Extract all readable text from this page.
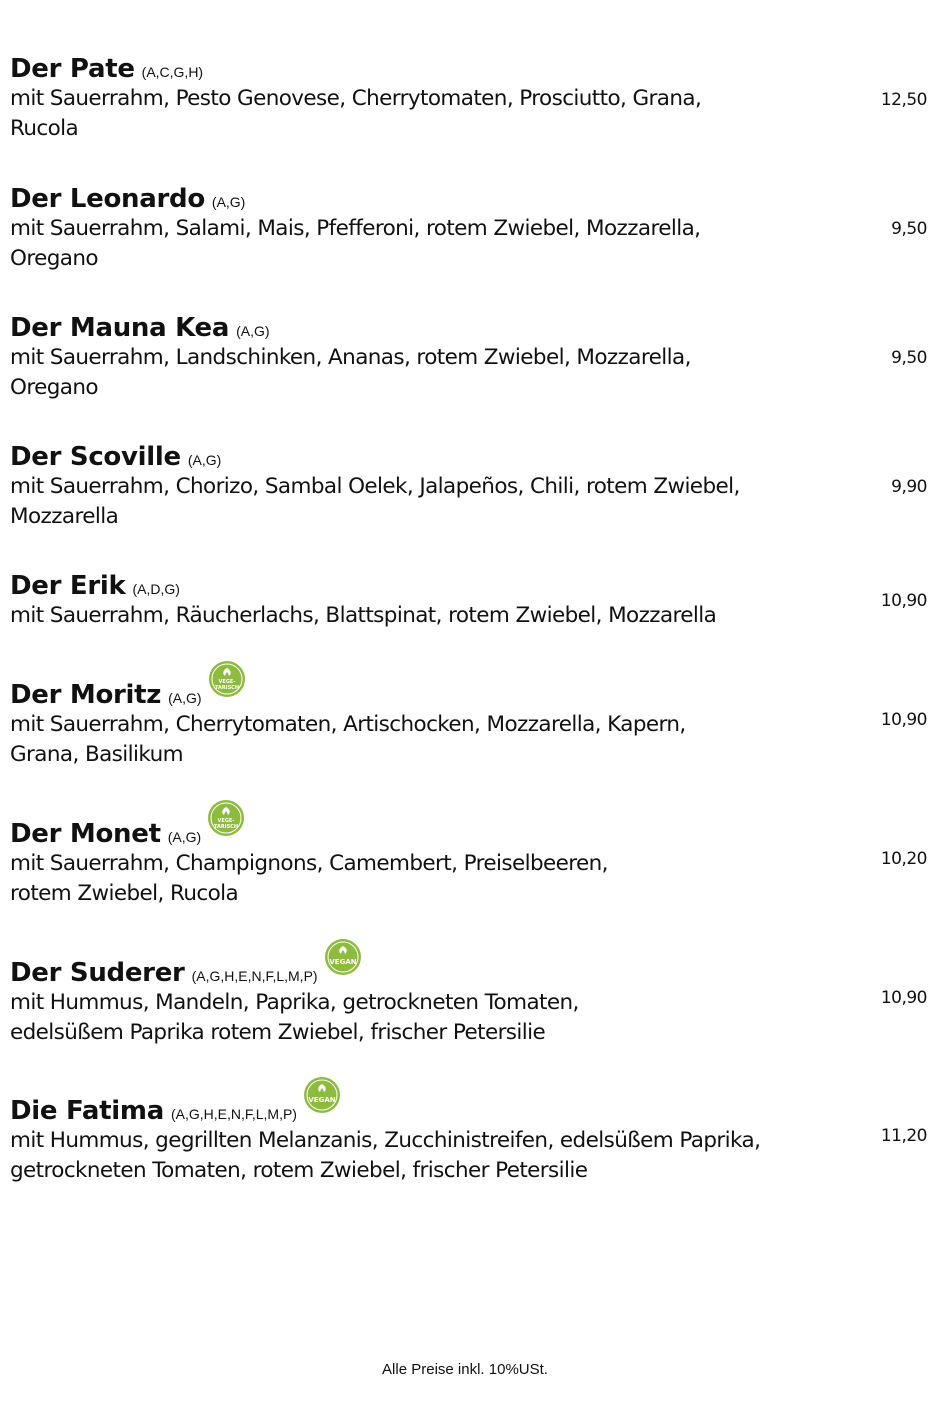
Der Pate (A,C,G,H)
mit Sauerrahm, Pesto Genovese, Cherrytomaten, Prosciutto, Grana,
Rucola
12,50
Der Leonardo (A,G)
mit Sauerrahm, Salami, Mais, Pfefferoni, rotem Zwiebel, Mozzarella,
Oregano
9,50
Der Mauna Kea (A,G)
mit Sauerrahm, Landschinken, Ananas, rotem Zwiebel, Mozzarella,
Oregano
9,50
Der Scoville (A,G)
mit Sauerrahm, Chorizo, Sambal Oelek, Jalapeños, Chili, rotem Zwiebel,
Mozzarella
9,90
Der Erik (A,D,G)
mit Sauerrahm, Räucherlachs, Blattspinat, rotem Zwiebel, Mozzarella
10,90
Der Moritz (A,G)
VEGE-
TARISCH
mit Sauerrahm, Cherrytomaten, Artischocken, Mozzarella, Kapern,
Grana, Basilikum
10,90
Der Monet (A,G)
VEGE-
TARISCH
mit Sauerrahm, Champignons, Camembert, Preiselbeeren,
rotem Zwiebel, Rucola
10,20
Der Suderer (A,G,H,E,N,F,L,M,P)
VEGAN
mit Hummus, Mandeln, Paprika, getrockneten Tomaten,
edelsüßem Paprika rotem Zwiebel, frischer Petersilie
10,90
Die Fatima (A,G,H,E,N,F,L,M,P)
VEGAN
mit Hummus, gegrillten Melanzanis, Zucchinistreifen, edelsüßem Paprika,
getrockneten Tomaten, rotem Zwiebel, frischer Petersilie
11,20
Alle Preise inkl. 10%USt.
